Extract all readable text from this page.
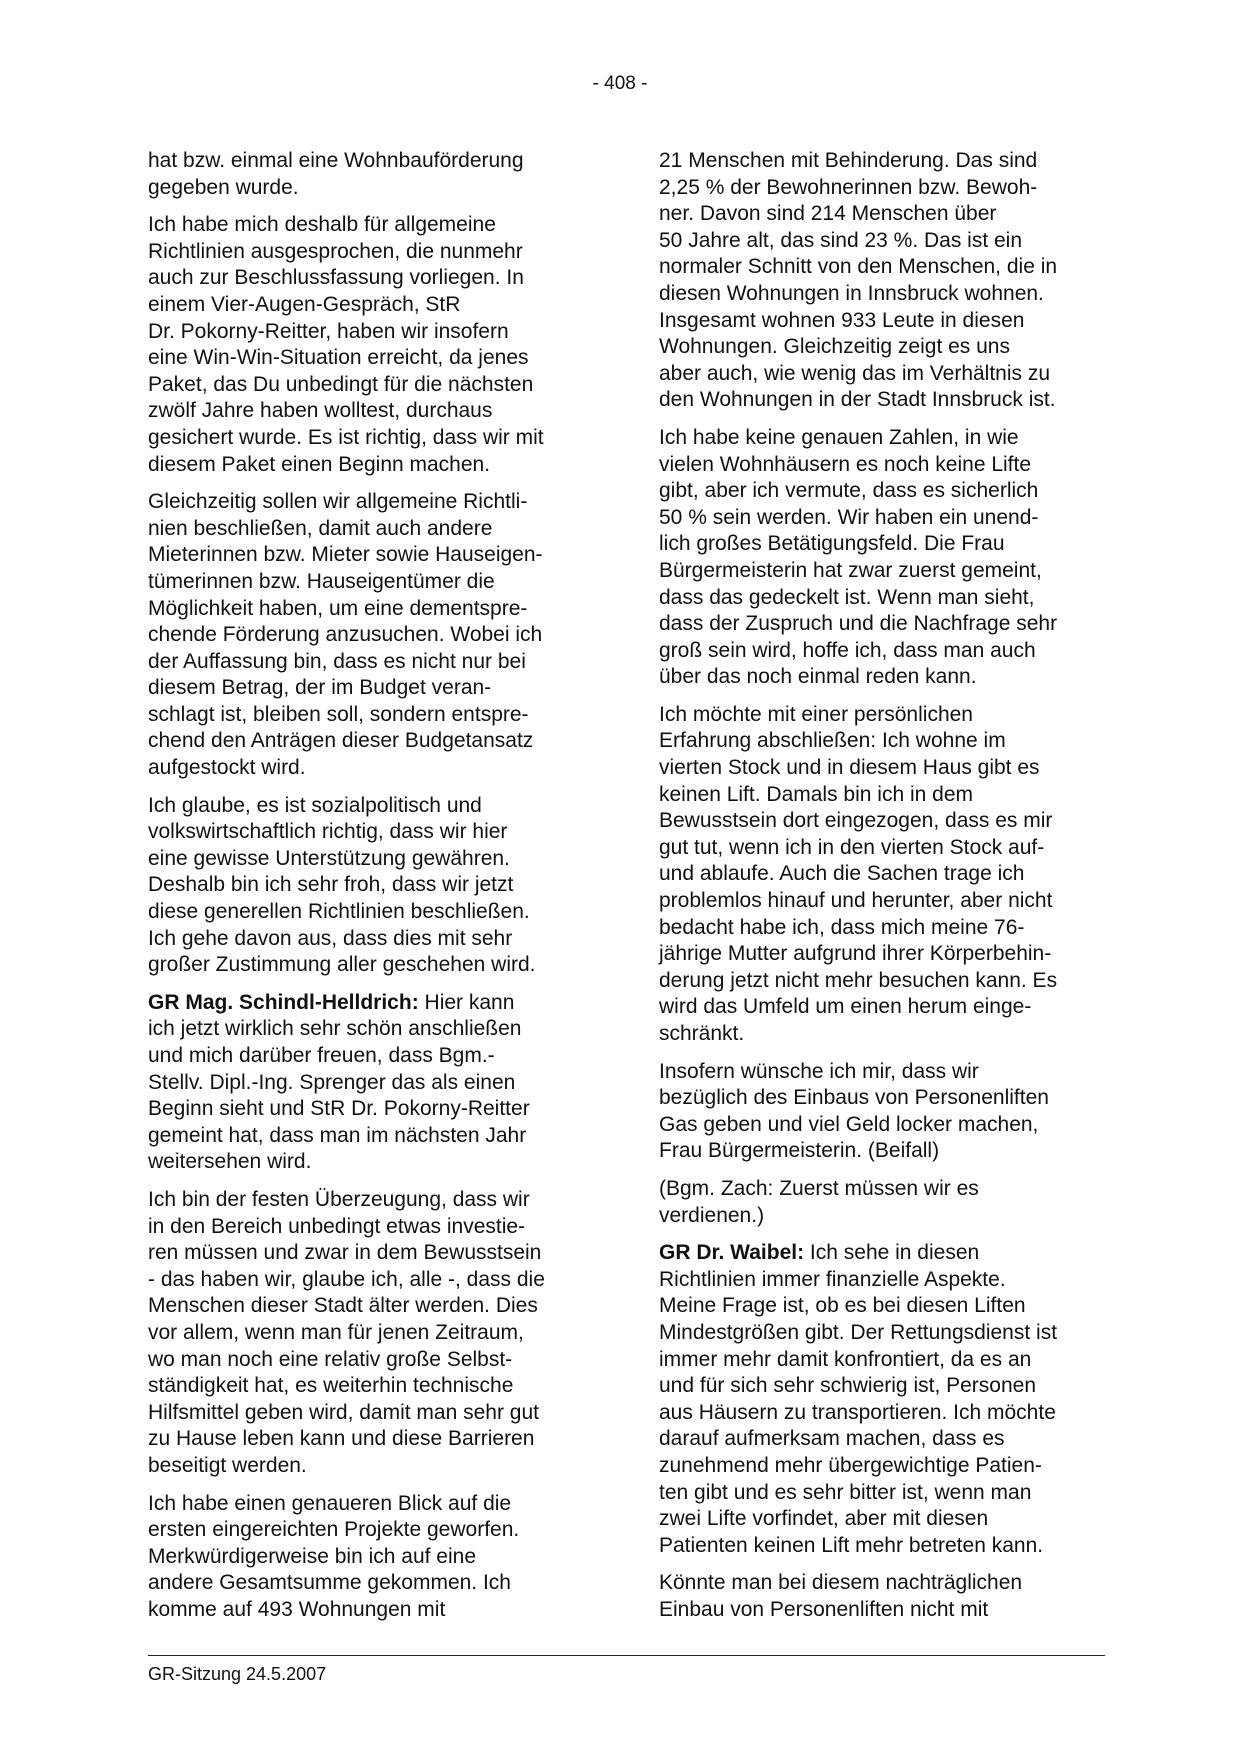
- 408 -

hat bzw. einmal eine Wohnbauförderung
gegeben wurde.

Ich habe mich deshalb für allgemeine
Richtlinien ausgesprochen, die nunmehr
auch zur Beschlussfassung vorliegen. In
einem Vier-Augen-Gespräch, StR
Dr. Pokorny-Reitter, haben wir insofern
eine Win-Win-Situation erreicht, da jenes
Paket, das Du unbedingt für die nächsten
zwölf Jahre haben wolltest, durchaus
gesichert wurde. Es ist richtig, dass wir mit
diesem Paket einen Beginn machen.

Gleichzeitig sollen wir allgemeine Richtli-
nien beschließen, damit auch andere
Mieterinnen bzw. Mieter sowie Hauseigen-
tümerinnen bzw. Hauseigentümer die
Möglichkeit haben, um eine dementspre-
chende Förderung anzusuchen. Wobei ich
der Auffassung bin, dass es nicht nur bei
diesem Betrag, der im Budget veran-
schlagt ist, bleiben soll, sondern entspre-
chend den Anträgen dieser Budgetansatz
aufgestockt wird.

Ich glaube, es ist sozialpolitisch und
volkswirtschaftlich richtig, dass wir hier
eine gewisse Unterstützung gewähren.
Deshalb bin ich sehr froh, dass wir jetzt
diese generellen Richtlinien beschließen.
Ich gehe davon aus, dass dies mit sehr
großer Zustimmung aller geschehen wird.

GR Mag. Schindl-Helldrich: Hier kann
ich jetzt wirklich sehr schön anschließen
und mich darüber freuen, dass Bgm.-
Stellv. Dipl.-Ing. Sprenger das als einen
Beginn sieht und StR Dr. Pokorny-Reitter
gemeint hat, dass man im nächsten Jahr
weitersehen wird.

Ich bin der festen Überzeugung, dass wir
in den Bereich unbedingt etwas investie-
ren müssen und zwar in dem Bewusstsein
- das haben wir, glaube ich, alle -, dass die
Menschen dieser Stadt älter werden. Dies
vor allem, wenn man für jenen Zeitraum,
wo man noch eine relativ große Selbst-
ständigkeit hat, es weiterhin technische
Hilfsmittel geben wird, damit man sehr gut
zu Hause leben kann und diese Barrieren
beseitigt werden.

Ich habe einen genaueren Blick auf die
ersten eingereichten Projekte geworfen.
Merkwürdigerweise bin ich auf eine
andere Gesamtsumme gekommen. Ich
komme auf 493 Wohnungen mit

21 Menschen mit Behinderung. Das sind
2,25 % der Bewohnerinnen bzw. Bewoh-
ner. Davon sind 214 Menschen über
50 Jahre alt, das sind 23 %. Das ist ein
normaler Schnitt von den Menschen, die in
diesen Wohnungen in Innsbruck wohnen.
Insgesamt wohnen 933 Leute in diesen
Wohnungen. Gleichzeitig zeigt es uns
aber auch, wie wenig das im Verhältnis zu
den Wohnungen in der Stadt Innsbruck ist.

Ich habe keine genauen Zahlen, in wie
vielen Wohnhäusern es noch keine Lifte
gibt, aber ich vermute, dass es sicherlich
50 % sein werden. Wir haben ein unend-
lich großes Betätigungsfeld. Die Frau
Bürgermeisterin hat zwar zuerst gemeint,
dass das gedeckelt ist. Wenn man sieht,
dass der Zuspruch und die Nachfrage sehr
groß sein wird, hoffe ich, dass man auch
über das noch einmal reden kann.

Ich möchte mit einer persönlichen
Erfahrung abschließen: Ich wohne im
vierten Stock und in diesem Haus gibt es
keinen Lift. Damals bin ich in dem
Bewusstsein dort eingezogen, dass es mir
gut tut, wenn ich in den vierten Stock auf-
und ablaufe. Auch die Sachen trage ich
problemlos hinauf und herunter, aber nicht
bedacht habe ich, dass mich meine 76-
jährige Mutter aufgrund ihrer Körperbehin-
derung jetzt nicht mehr besuchen kann. Es
wird das Umfeld um einen herum einge-
schränkt.

Insofern wünsche ich mir, dass wir
bezüglich des Einbaus von Personenliften
Gas geben und viel Geld locker machen,
Frau Bürgermeisterin. (Beifall)

(Bgm. Zach: Zuerst müssen wir es
verdienen.)

GR Dr. Waibel: Ich sehe in diesen
Richtlinien immer finanzielle Aspekte.
Meine Frage ist, ob es bei diesen Liften
Mindestgrößen gibt. Der Rettungsdienst ist
immer mehr damit konfrontiert, da es an
und für sich sehr schwierig ist, Personen
aus Häusern zu transportieren. Ich möchte
darauf aufmerksam machen, dass es
zunehmend mehr übergewichtige Patien-
ten gibt und es sehr bitter ist, wenn man
zwei Lifte vorfindet, aber mit diesen
Patienten keinen Lift mehr betreten kann.

Könnte man bei diesem nachträglichen
Einbau von Personenliften nicht mit

GR-Sitzung 24.5.2007
